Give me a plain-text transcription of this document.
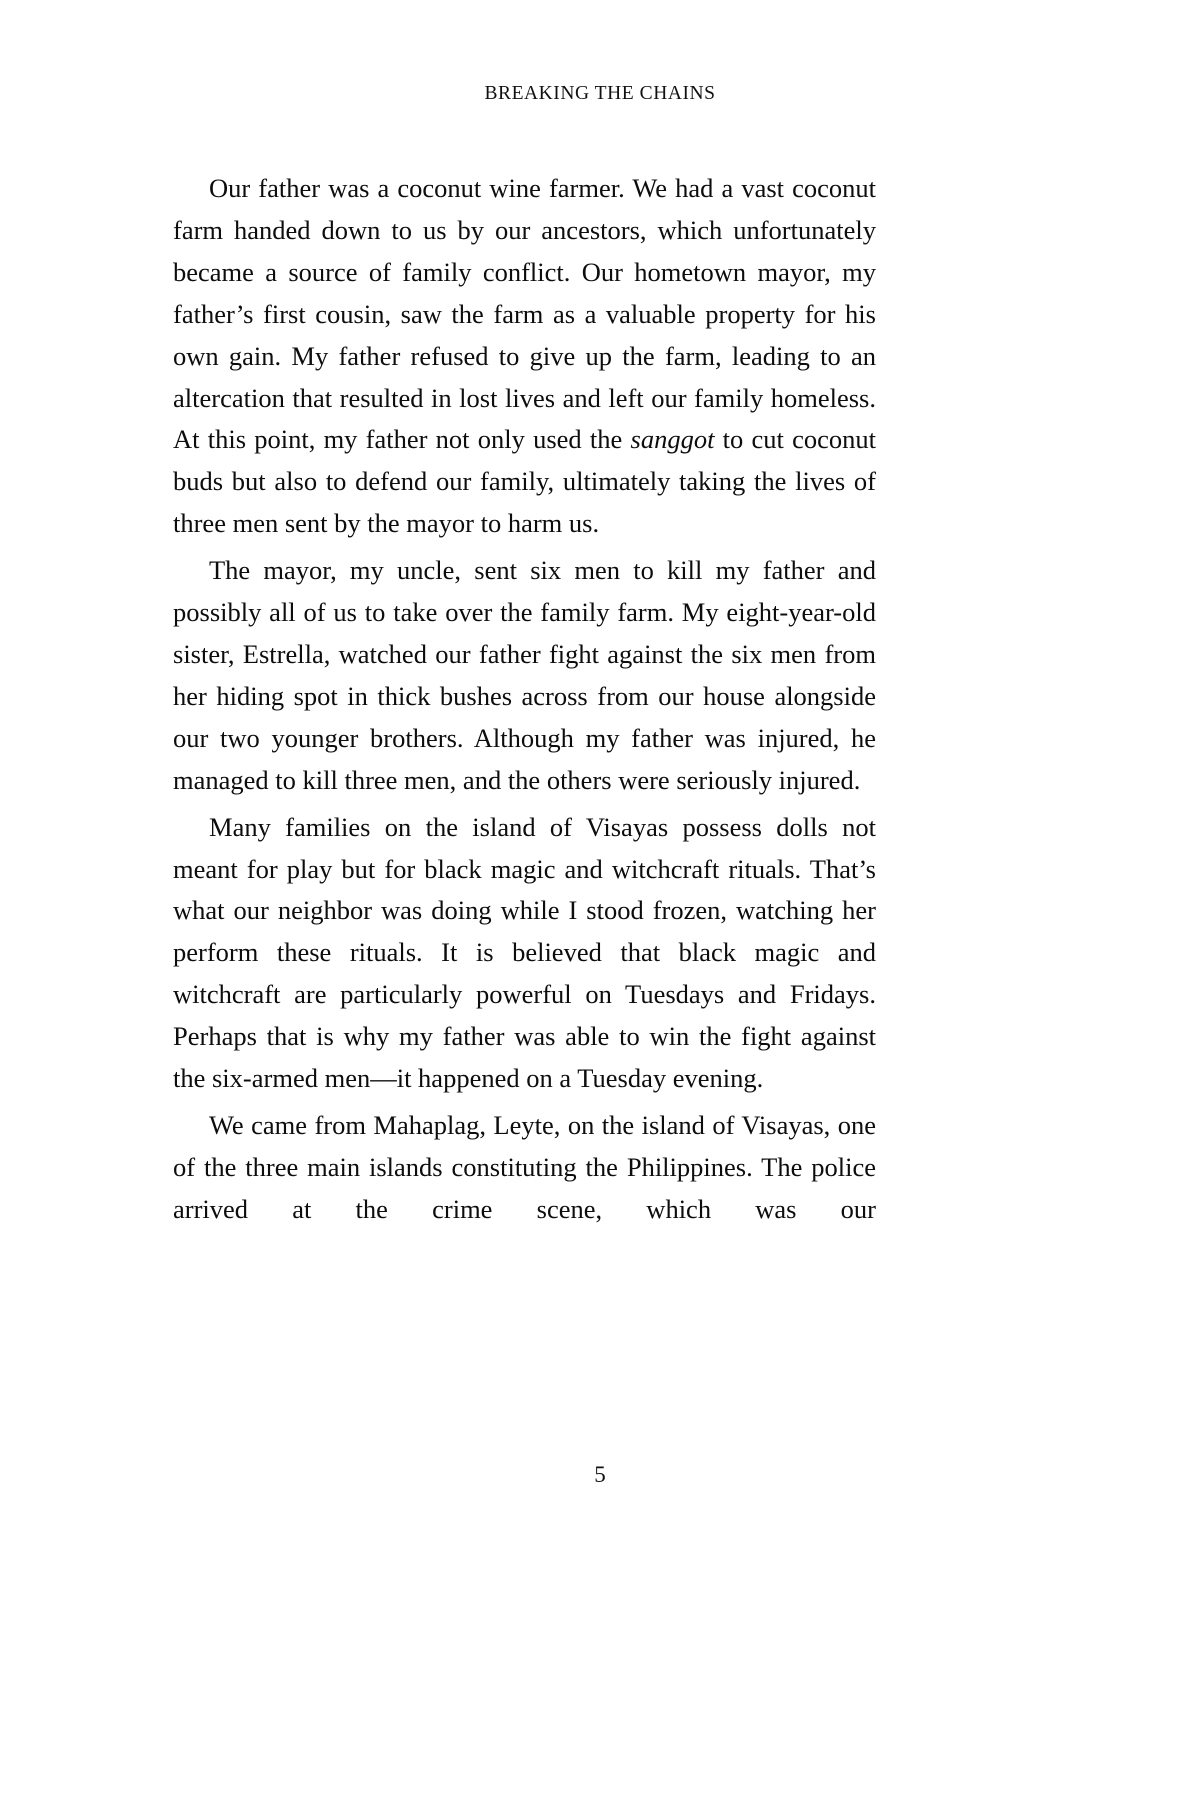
BREAKING THE CHAINS

Our father was a coconut wine farmer. We had a vast coconut farm handed down to us by our ancestors, which unfortunately became a source of family conflict. Our hometown mayor, my father’s first cousin, saw the farm as a valuable property for his own gain. My father refused to give up the farm, leading to an altercation that resulted in lost lives and left our family homeless. At this point, my father not only used the sanggot to cut coconut buds but also to defend our family, ultimately taking the lives of three men sent by the mayor to harm us.

The mayor, my uncle, sent six men to kill my father and possibly all of us to take over the family farm. My eight-year-old sister, Estrella, watched our father fight against the six men from her hiding spot in thick bushes across from our house alongside our two younger brothers. Although my father was injured, he managed to kill three men, and the others were seriously injured.

Many families on the island of Visayas possess dolls not meant for play but for black magic and witchcraft rituals. That’s what our neighbor was doing while I stood frozen, watching her perform these rituals. It is believed that black magic and witchcraft are particularly powerful on Tuesdays and Fridays. Perhaps that is why my father was able to win the fight against the six-armed men—it happened on a Tuesday evening.

We came from Mahaplag, Leyte, on the island of Visayas, one of the three main islands constituting the Philippines. The police arrived at the crime scene, which was our

5
